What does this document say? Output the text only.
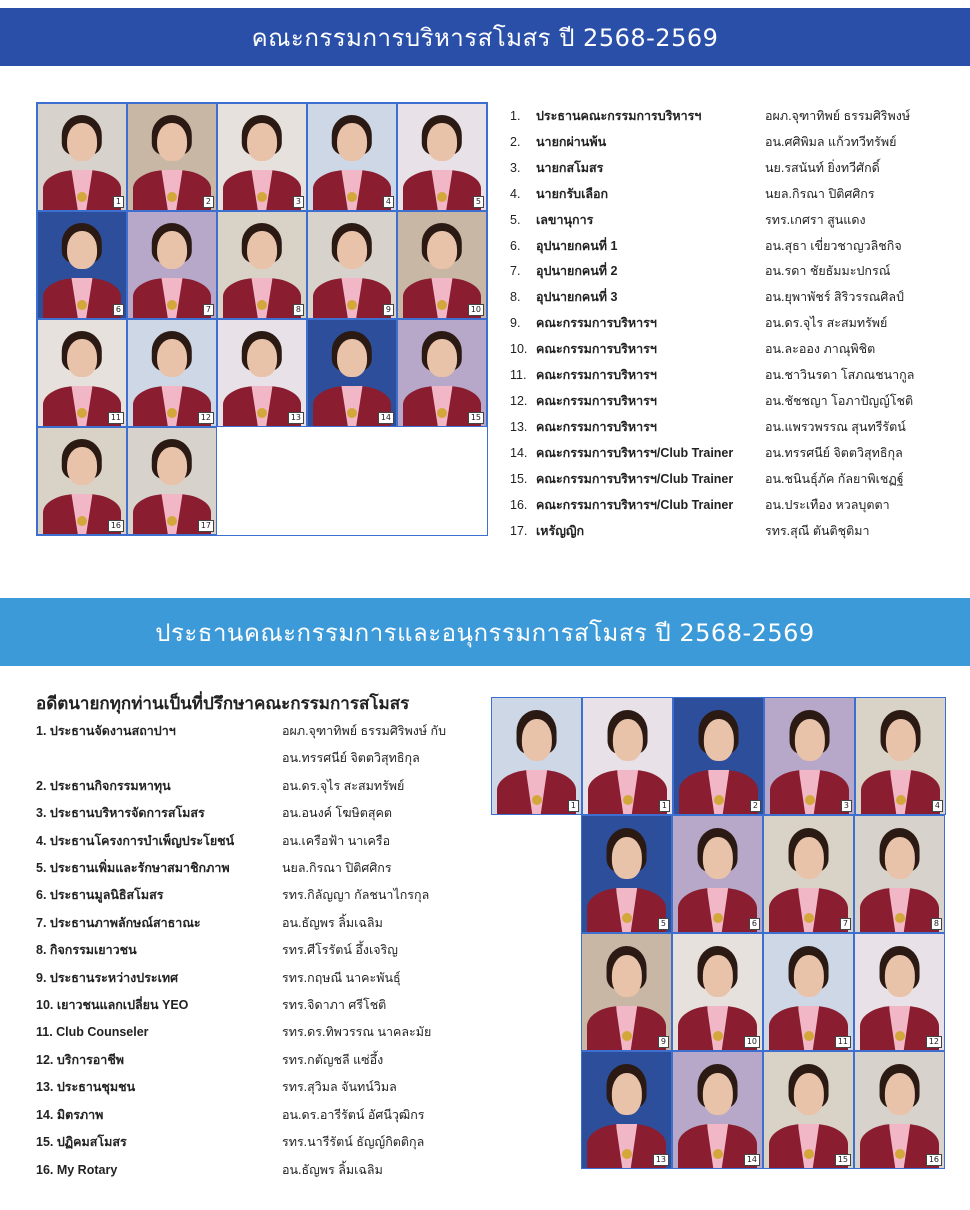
คณะกรรมการบริหารสโมสร ปี 2568-2569
1	2	3	4	5
6	7	8	9	10
11	12	13	14	15
16	17
1.	ประธานคณะกรรมการบริหารฯ	อผภ.จุฑาทิพย์ ธรรมศิริพงษ์
2.	นายกผ่านพ้น	อน.ศศิพิมล แก้วทวีทรัพย์
3.	นายกสโมสร	นย.รสนันท์ ยิ่งทวีศักดิ์
4.	นายกรับเลือก	นยล.กิรณา ปิติศศิกร
5.	เลขานุการ	รทร.เกศรา สูนแดง
6.	อุปนายกคนที่ 1	อน.สุธา เขี่ยวชาญวลิชกิจ
7.	อุปนายกคนที่ 2	อน.รดา ชัยธัมมะปกรณ์
8.	อุปนายกคนที่ 3	อน.ยุพาพัชร์ สิริวรรณศิลป์
9.	คณะกรรมการบริหารฯ	อน.ดร.จุไร สะสมทรัพย์
10. คณะกรรมการบริหารฯ	อน.ละออง ภาณุพิชิต
11. คณะกรรมการบริหารฯ	อน.ชาวินรดา โสภณชนากูล
12. คณะกรรมการบริหารฯ	อน.ชัชชญา โอภาปัญญ์โชติ
13. คณะกรรมการบริหารฯ	อน.แพรวพรรณ สุนทรีรัตน์
14. คณะกรรมการบริหารฯ/Club Trainer	อน.ทรรศนีย์ จิตตวิสุทธิกุล
15. คณะกรรมการบริหารฯ/Club Trainer	อน.ชนินธุ์ภัค กัลยาพิเชฏฐ์
16. คณะกรรมการบริหารฯ/Club Trainer	อน.ประเทือง หวลบุตตา
17. เหรัญญิก	รทร.สุณี ตันติชุติมา
ประธานคณะกรรมการและอนุกรรมการสโมสร ปี 2568-2569
อดีตนายกทุกท่านเป็นที่ปรึกษาคณะกรรมการสโมสร
1. ประธานจัดงานสถาปาฯ	อผภ.จุฑาทิพย์ ธรรมศิริพงษ์ กับ
อน.ทรรศนีย์ จิตตวิสุทธิกุล
2. ประธานกิจกรรมหาทุน	อน.ดร.จุไร สะสมทรัพย์
3. ประธานบริหารจัดการสโมสร	อน.อนงค์ โฆษิตสุคต
4. ประธานโครงการบำเพ็ญประโยชน์	อน.เครือฟ้า นาเครือ
5. ประธานเพิ่มและรักษาสมาชิกภาพ	นยล.กิรณา ปิติศศิกร
6. ประธานมูลนิธิสโมสร	รทร.กิลัญญา กัลชนาไกรกุล
7. ประธานภาพลักษณ์สาธาณะ	อน.ธัญพร ลิ้มเฉลิม
8. กิจกรรมเยาวชน	รทร.ศีโรรัตน์ อึ้งเจริญ
9. ประธานระหว่างประเทศ	รทร.กฤษณี นาคะพันธุ์
10. เยาวชนแลกเปลี่ยน YEO	รทร.จิดาภา ศรีโชติ
11. Club Counseler	รทร.ดร.ทิพวรรณ นาคละมัย
12. บริการอาชีพ	รทร.กตัญชลี แซ่อึ้ง
13. ประธานชุมชน	รทร.สุวิมล จันทน์วิมล
14. มิตรภาพ	อน.ดร.อารีรัตน์ อัศนีวุฒิกร
15. ปฏิคมสโมสร	รทร.นารีรัตน์ ธัญญ์กิตติกุล
16. My Rotary	อน.ธัญพร ลิ้มเฉลิม
1	1	2	3	4
5	6	7	8
9	10	11	12
13	14	15	16
